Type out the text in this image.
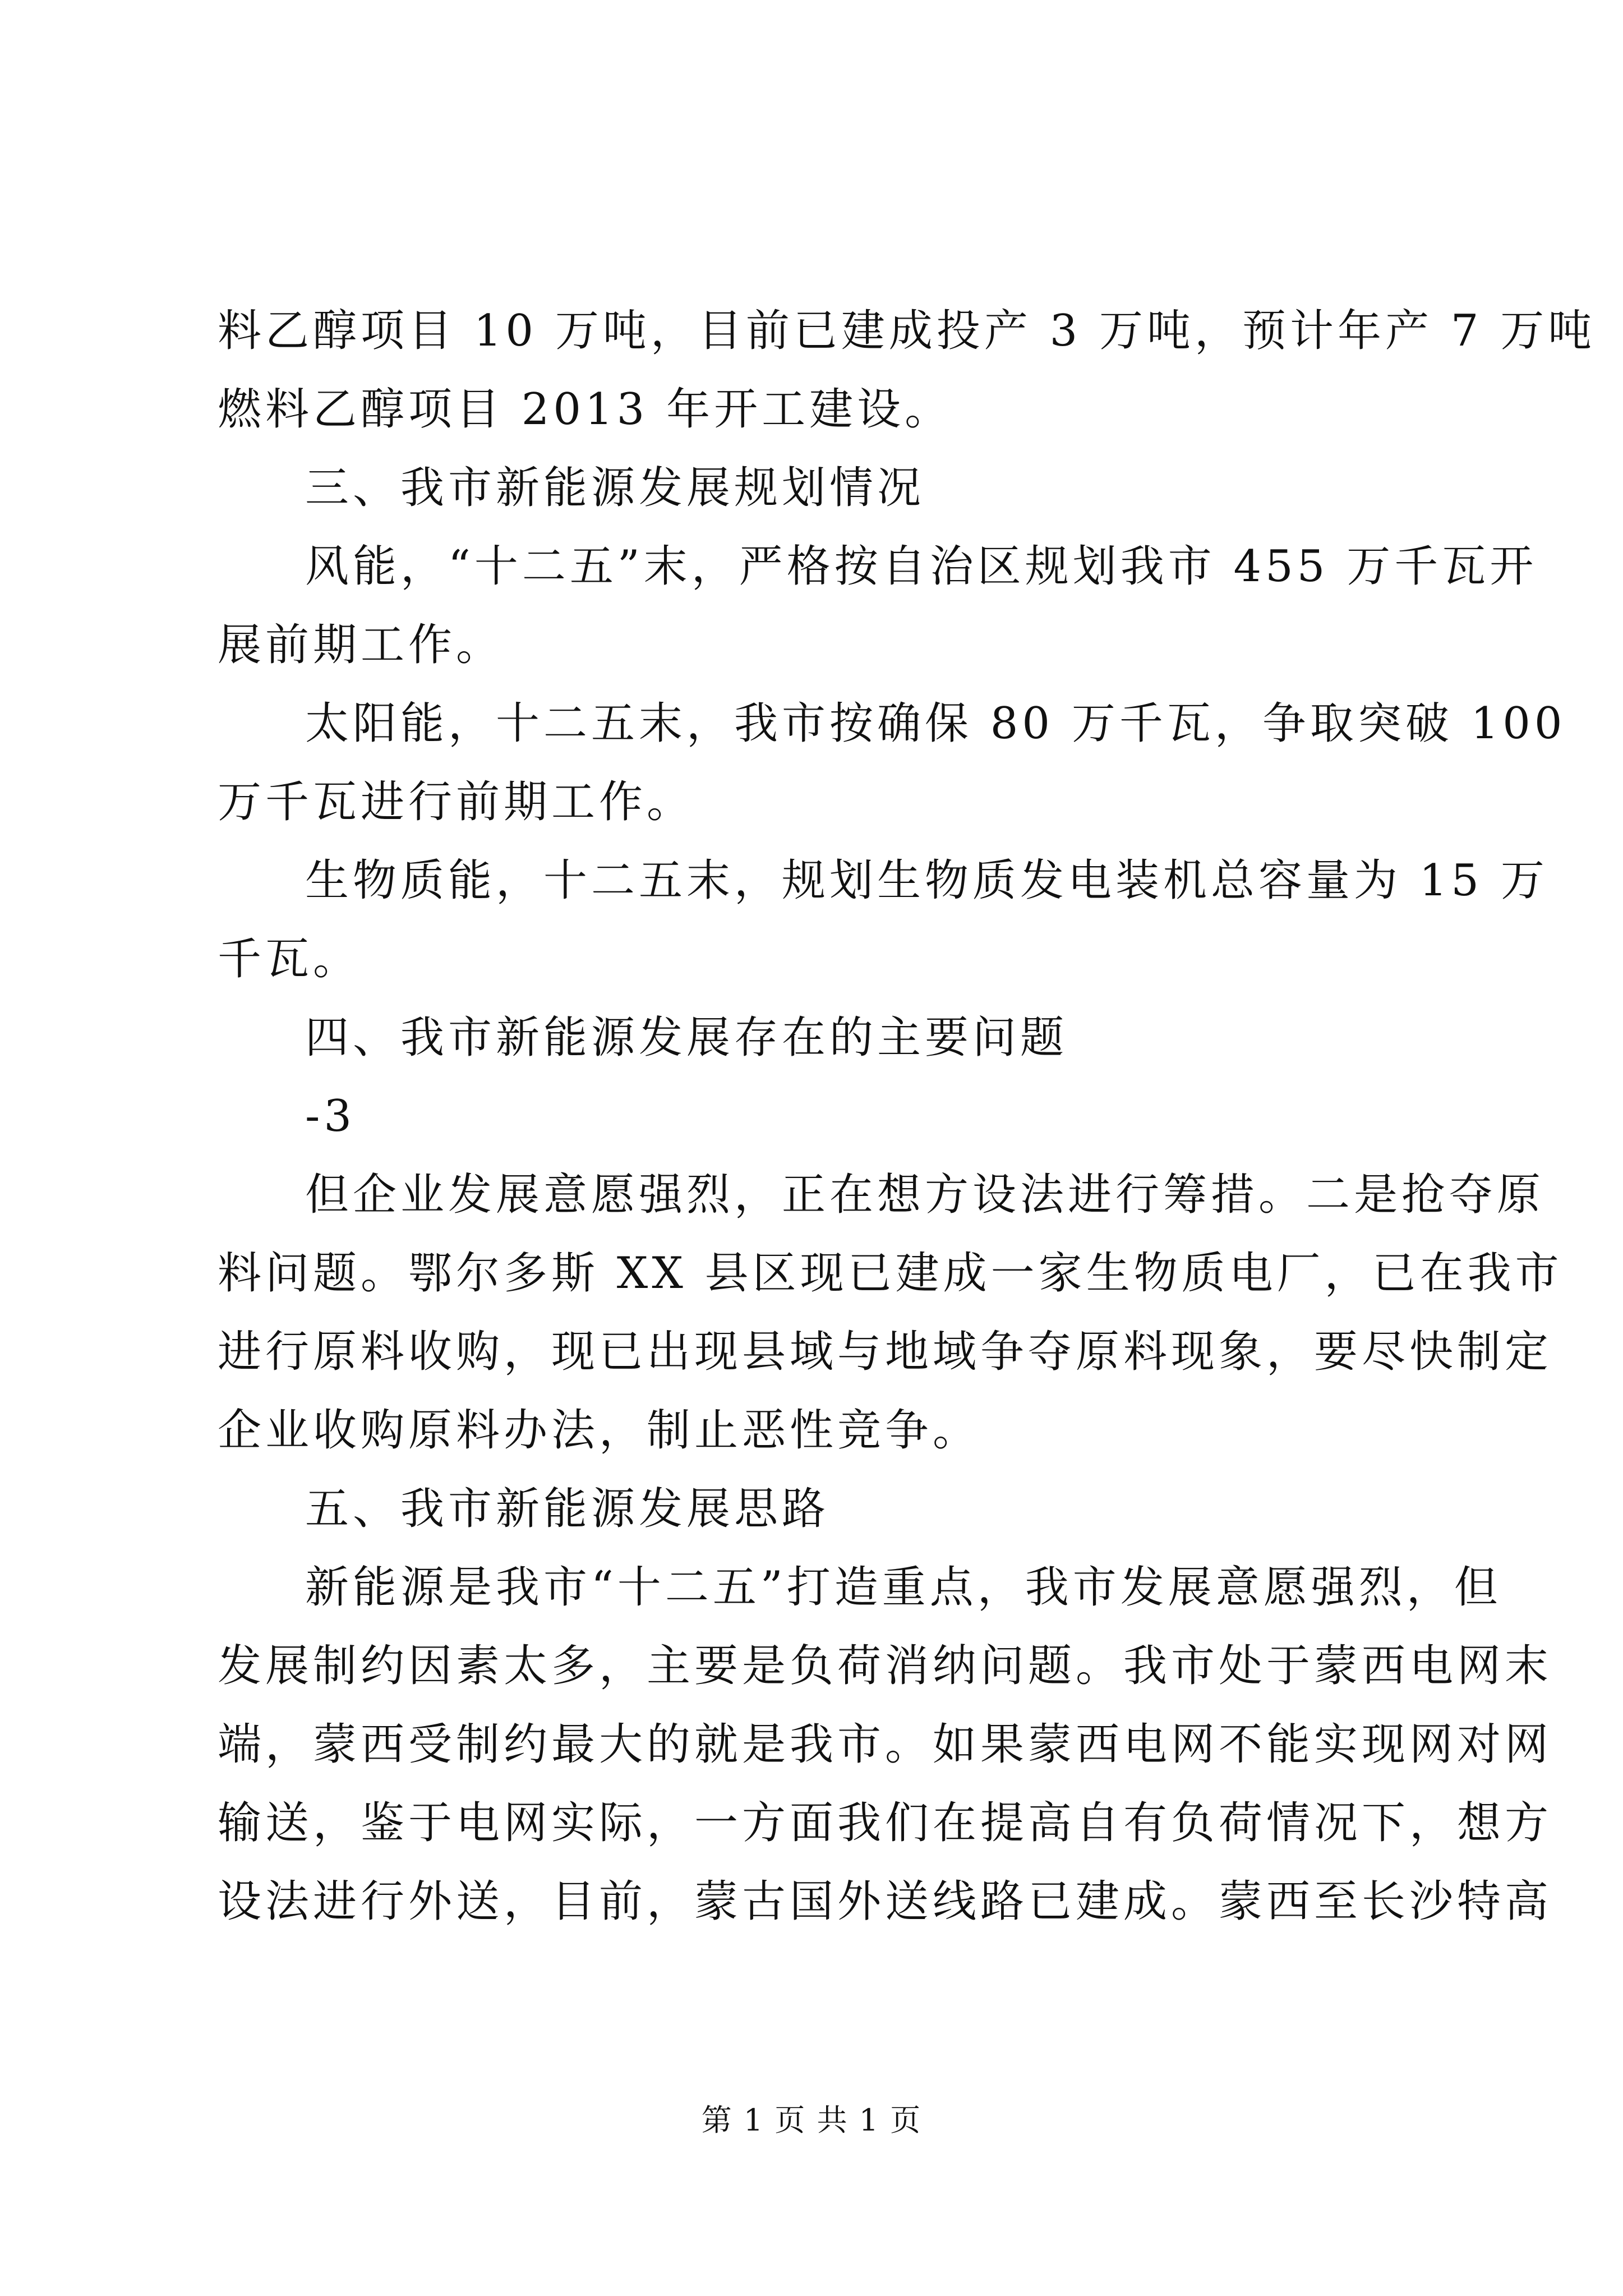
料乙醇项目 10 万吨，目前已建成投产 3 万吨，预计年产 7 万吨
燃料乙醇项目 2013 年开工建设。
三、我市新能源发展规划情况
风能，“十二五”末，严格按自治区规划我市 455 万千瓦开
展前期工作。
太阳能，十二五末，我市按确保 80 万千瓦，争取突破 100
万千瓦进行前期工作。
生物质能，十二五末，规划生物质发电装机总容量为 15 万
千瓦。
四、我市新能源发展存在的主要问题
-3
但企业发展意愿强烈，正在想方设法进行筹措。二是抢夺原
料问题。鄂尔多斯 XX 县区现已建成一家生物质电厂，已在我市
进行原料收购，现已出现县域与地域争夺原料现象，要尽快制定
企业收购原料办法，制止恶性竞争。
五、我市新能源发展思路
新能源是我市“十二五”打造重点，我市发展意愿强烈，但
发展制约因素太多，主要是负荷消纳问题。我市处于蒙西电网末
端，蒙西受制约最大的就是我市。如果蒙西电网不能实现网对网
输送，鉴于电网实际，一方面我们在提高自有负荷情况下，想方
设法进行外送，目前，蒙古国外送线路已建成。蒙西至长沙特高
第 1 页 共 1 页
